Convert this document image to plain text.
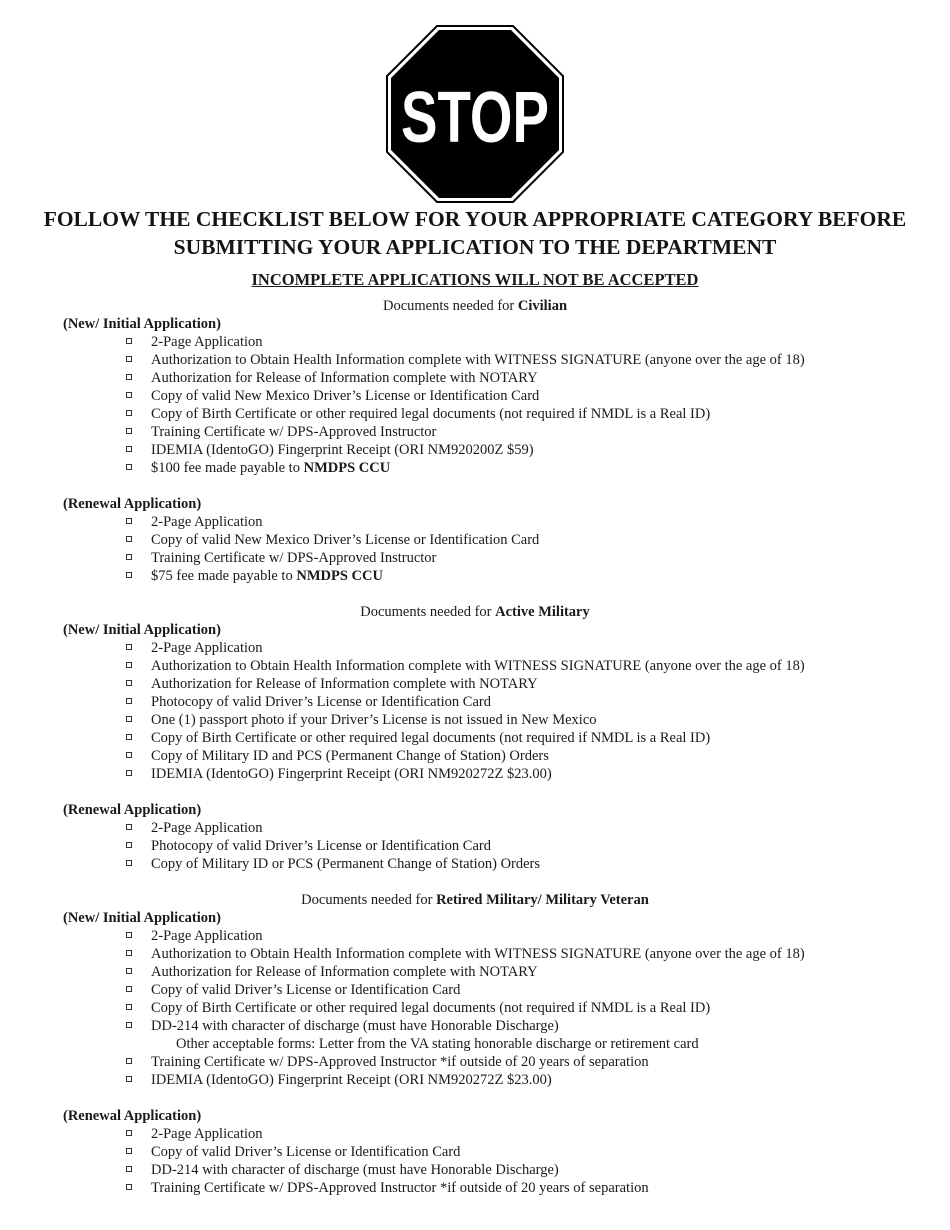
STOP
FOLLOW THE CHECKLIST BELOW FOR YOUR APPROPRIATE CATEGORY BEFORE
SUBMITTING YOUR APPLICATION TO THE DEPARTMENT
INCOMPLETE APPLICATIONS WILL NOT BE ACCEPTED
Documents needed for Civilian
(New/ Initial Application)
2-Page Application
Authorization to Obtain Health Information complete with WITNESS SIGNATURE (anyone over the age of 18)
Authorization for Release of Information complete with NOTARY
Copy of valid New Mexico Driver’s License or Identification Card
Copy of Birth Certificate or other required legal documents (not required if NMDL is a Real ID)
Training Certificate w/ DPS-Approved Instructor
IDEMIA (IdentoGO) Fingerprint Receipt (ORI NM920200Z $59)
$100 fee made payable to NMDPS CCU
(Renewal Application)
2-Page Application
Copy of valid New Mexico Driver’s License or Identification Card
Training Certificate w/ DPS-Approved Instructor
$75 fee made payable to NMDPS CCU
Documents needed for Active Military
(New/ Initial Application)
2-Page Application
Authorization to Obtain Health Information complete with WITNESS SIGNATURE (anyone over the age of 18)
Authorization for Release of Information complete with NOTARY
Photocopy of valid Driver’s License or Identification Card
One (1) passport photo if your Driver’s License is not issued in New Mexico
Copy of Birth Certificate or other required legal documents (not required if NMDL is a Real ID)
Copy of Military ID and PCS (Permanent Change of Station) Orders
IDEMIA (IdentoGO) Fingerprint Receipt (ORI NM920272Z $23.00)
(Renewal Application)
2-Page Application
Photocopy of valid Driver’s License or Identification Card
Copy of Military ID or PCS (Permanent Change of Station) Orders
Documents needed for Retired Military/ Military Veteran
(New/ Initial Application)
2-Page Application
Authorization to Obtain Health Information complete with WITNESS SIGNATURE (anyone over the age of 18)
Authorization for Release of Information complete with NOTARY
Copy of valid Driver’s License or Identification Card
Copy of Birth Certificate or other required legal documents (not required if NMDL is a Real ID)
DD-214 with character of discharge (must have Honorable Discharge)
Other acceptable forms: Letter from the VA stating honorable discharge or retirement card
Training Certificate w/ DPS-Approved Instructor *if outside of 20 years of separation
IDEMIA (IdentoGO) Fingerprint Receipt (ORI NM920272Z $23.00)
(Renewal Application)
2-Page Application
Copy of valid Driver’s License or Identification Card
DD-214 with character of discharge (must have Honorable Discharge)
Training Certificate w/ DPS-Approved Instructor *if outside of 20 years of separation
